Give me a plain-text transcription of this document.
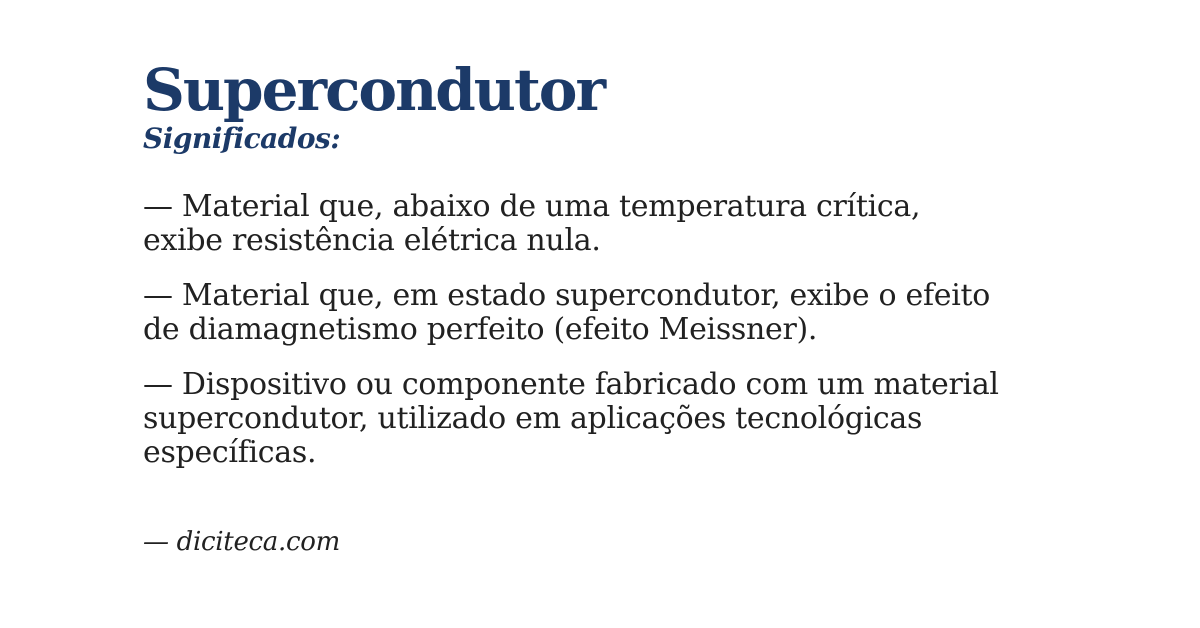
Supercondutor
Significados:

— Material que, abaixo de uma temperatura crítica,
exibe resistência elétrica nula.

— Material que, em estado supercondutor, exibe o efeito
de diamagnetismo perfeito (efeito Meissner).

— Dispositivo ou componente fabricado com um material
supercondutor, utilizado em aplicações tecnológicas
específicas.

— diciteca.com
